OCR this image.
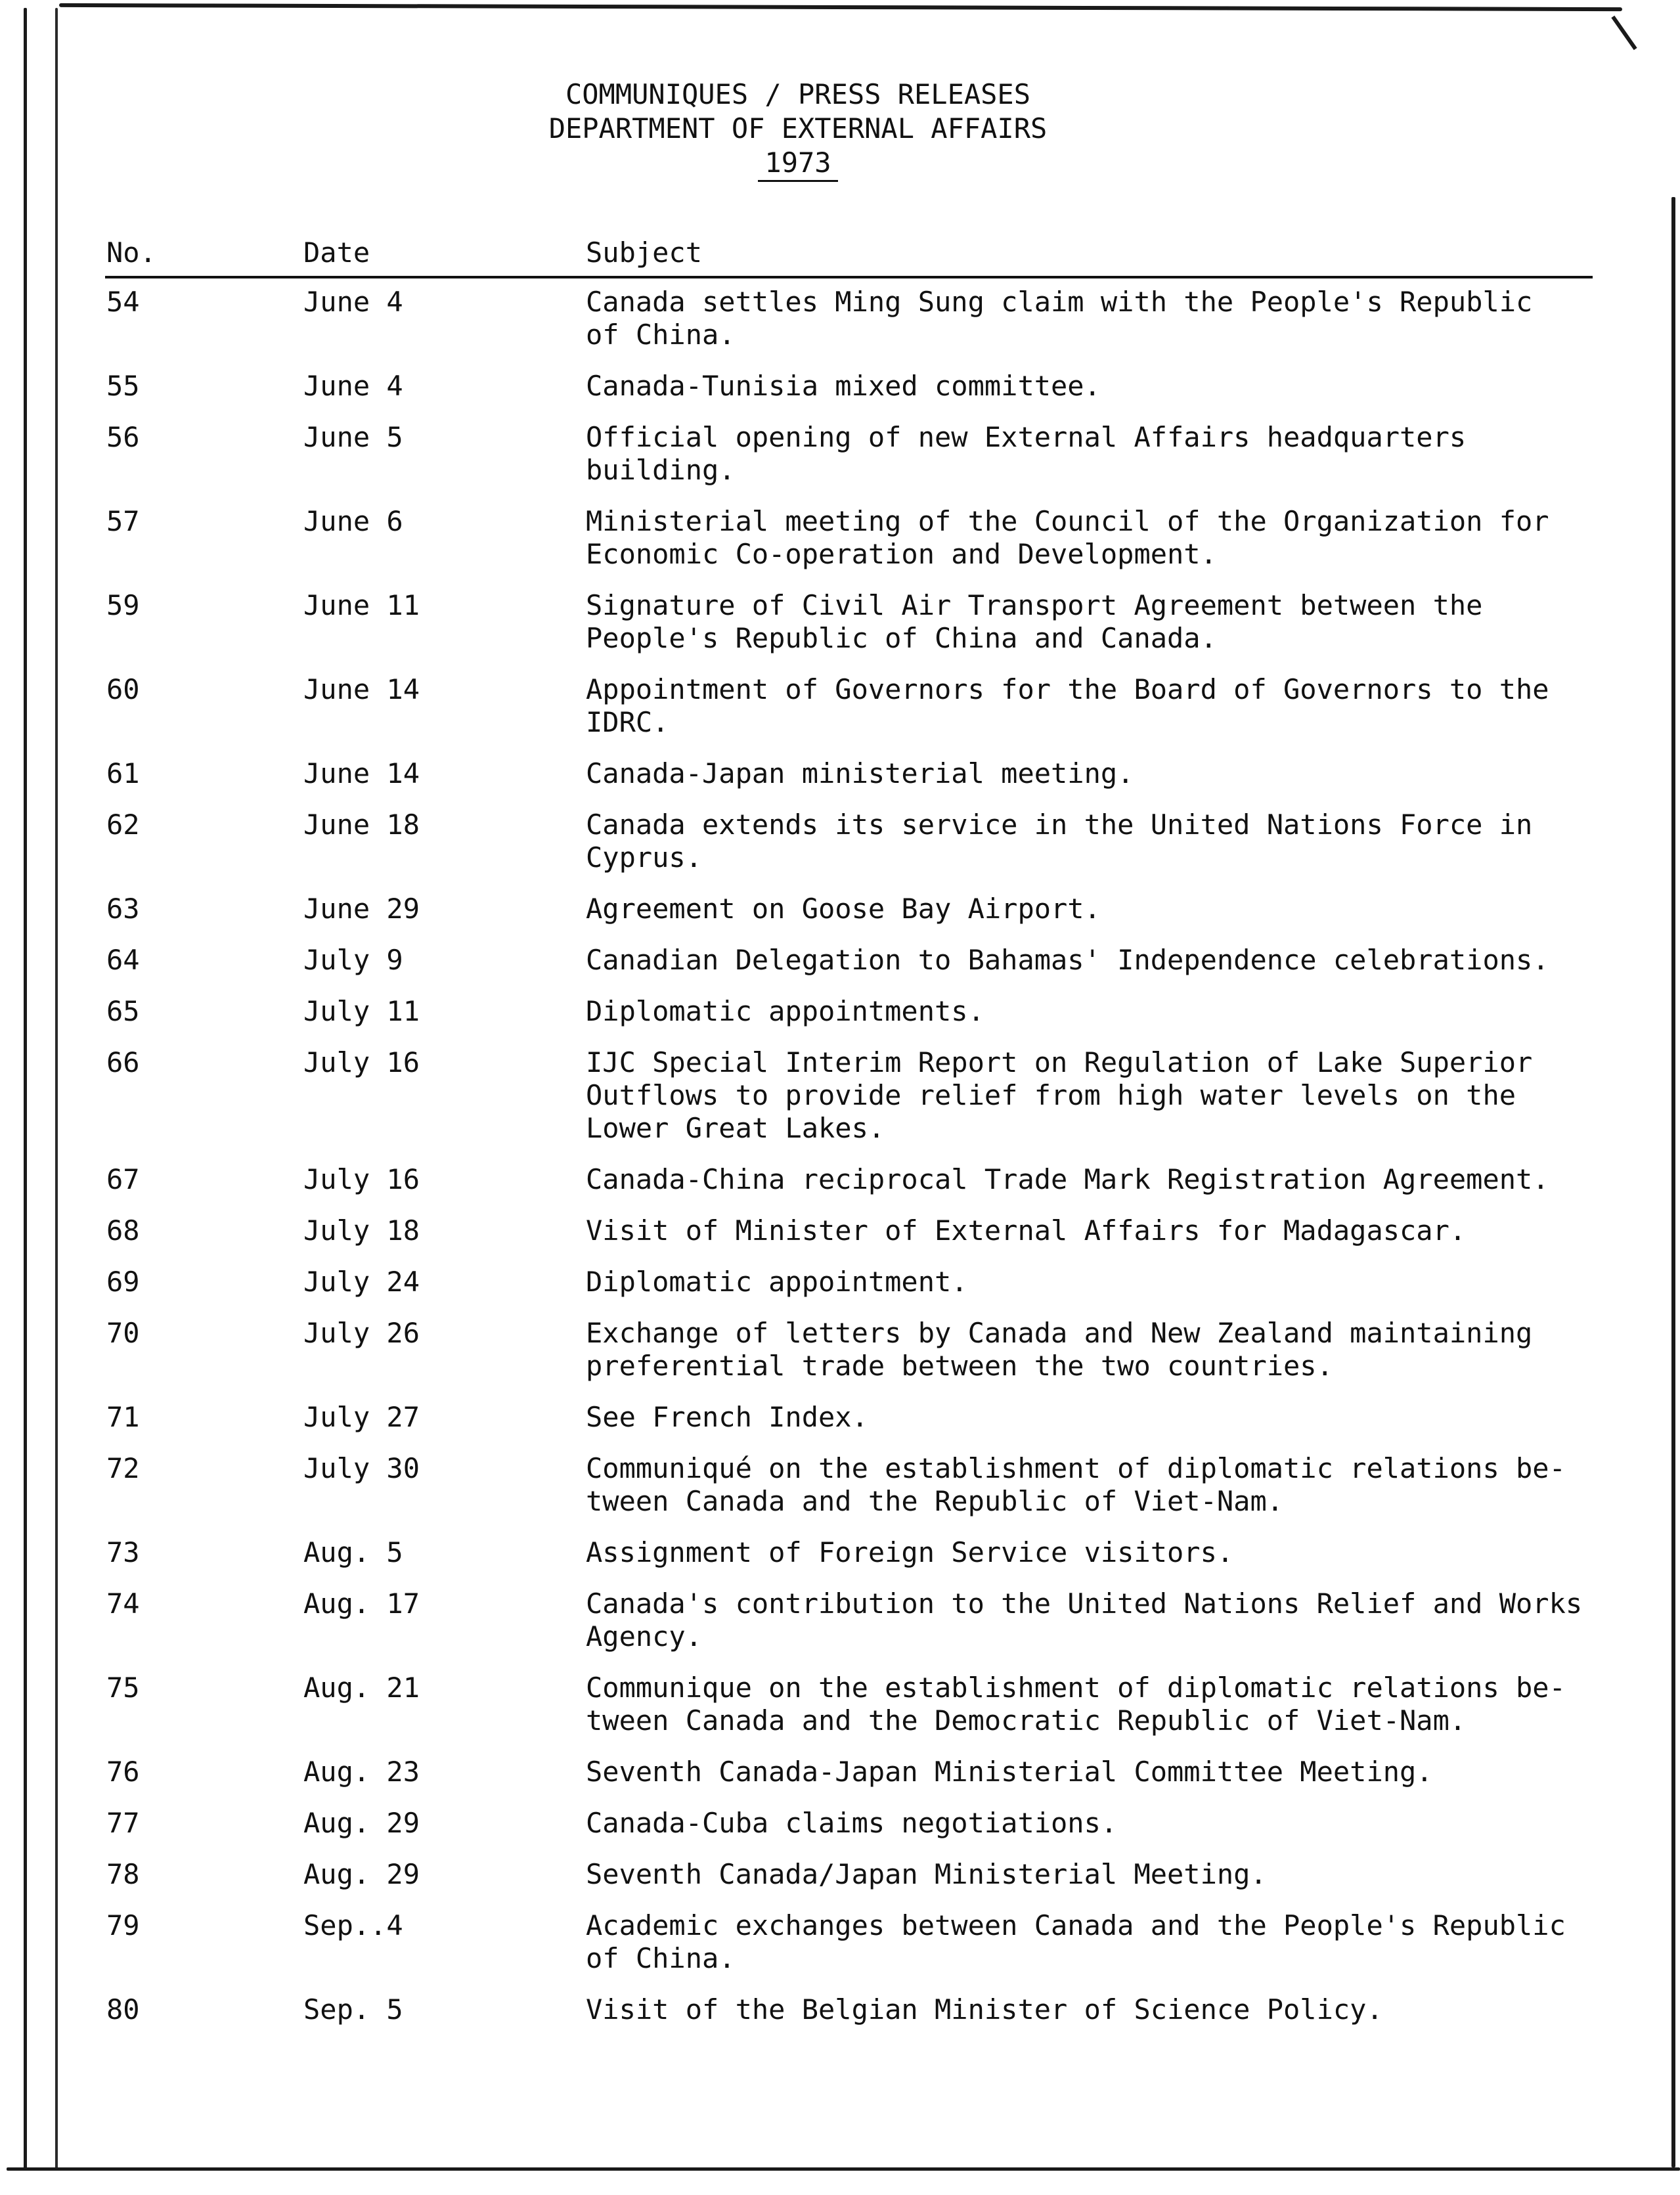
COMMUNIQUES / PRESS RELEASES
DEPARTMENT OF EXTERNAL AFFAIRS
1973
No.	Date	Subject
54	June 4	Canada settles Ming Sung claim with the People's Republic
of China.
55	June 4	Canada-Tunisia mixed committee.
56	June 5	Official opening of new External Affairs headquarters
building.
57	June 6	Ministerial meeting of the Council of the Organization for
Economic Co-operation and Development.
59	June 11	Signature of Civil Air Transport Agreement between the
People's Republic of China and Canada.
60	June 14	Appointment of Governors for the Board of Governors to the
IDRC.
61	June 14	Canada-Japan ministerial meeting.
62	June 18	Canada extends its service in the United Nations Force in
Cyprus.
63	June 29	Agreement on Goose Bay Airport.
64	July 9	Canadian Delegation to Bahamas' Independence celebrations.
65	July 11	Diplomatic appointments.
66	July 16	IJC Special Interim Report on Regulation of Lake Superior
Outflows to provide relief from high water levels on the
Lower Great Lakes.
67	July 16	Canada-China reciprocal Trade Mark Registration Agreement.
68	July 18	Visit of Minister of External Affairs for Madagascar.
69	July 24	Diplomatic appointment.
70	July 26	Exchange of letters by Canada and New Zealand maintaining
preferential trade between the two countries.
71	July 27	See French Index.
72	July 30	Communiqué on the establishment of diplomatic relations be-
tween Canada and the Republic of Viet-Nam.
73	Aug. 5	Assignment of Foreign Service visitors.
74	Aug. 17	Canada's contribution to the United Nations Relief and Works
Agency.
75	Aug. 21	Communique on the establishment of diplomatic relations be-
tween Canada and the Democratic Republic of Viet-Nam.
76	Aug. 23	Seventh Canada-Japan Ministerial Committee Meeting.
77	Aug. 29	Canada-Cuba claims negotiations.
78	Aug. 29	Seventh Canada/Japan Ministerial Meeting.
79	Sep..4	Academic exchanges between Canada and the People's Republic
of China.
80	Sep. 5	Visit of the Belgian Minister of Science Policy.
